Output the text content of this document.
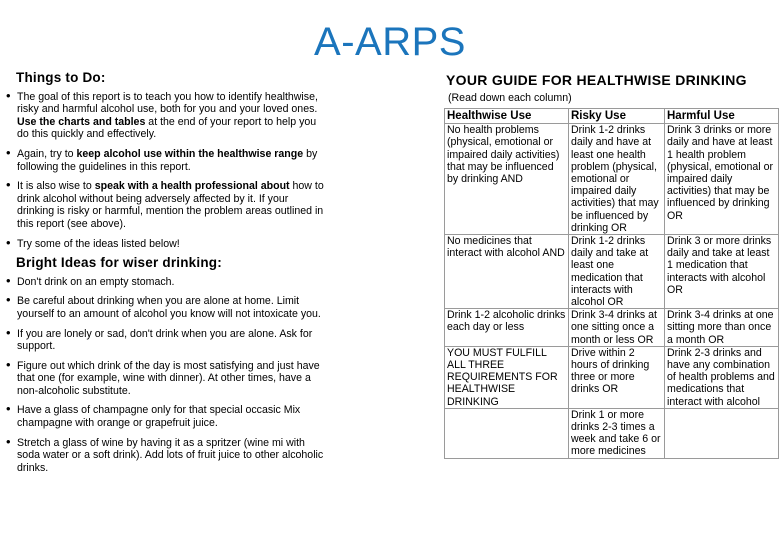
A-ARPS
Things to Do:
• The goal of this report is to teach you how to identify healthwise, risky and harmful alcohol use, both for you and your loved ones. Use the charts and tables at the end of your report to help you do this quickly and effectively.
• Again, try to keep alcohol use within the healthwise range by following the guidelines in this report.
• It is also wise to speak with a health professional about how to drink alcohol without being adversely affected by it. If your drinking is risky or harmful, mention the problem areas outlined in this report (see above).
• Try some of the ideas listed below!
Bright Ideas for wiser drinking:
• Don't drink on an empty stomach.
• Be careful about drinking when you are alone at home. Limit yourself to an amount of alcohol you know will not intoxicate you.
• If you are lonely or sad, don't drink when you are alone. Ask for support.
• Figure out which drink of the day is most satisfying and just have that one (for example, wine with dinner). At other times, have a non-alcoholic substitute.
• Have a glass of champagne only for that special occasic Mix champagne with orange or grapefruit juice.
• Stretch a glass of wine by having it as a spritzer (wine mi with soda water or a soft drink). Add lots of fruit juice to other alcoholic drinks.
YOUR GUIDE FOR HEALTHWISE DRINKING
(Read down each column)
Healthwise Use	Risky Use	Harmful Use
No health problems (physical, emotional or impaired daily activities) that may be influenced by drinking AND	Drink 1-2 drinks daily and have at least one health problem (physical, emotional or impaired daily activities) that may be influenced by drinking OR	Drink 3 drinks or more daily and have at least 1 health problem (physical, emotional or impaired daily activities) that may be influenced by drinking OR
No medicines that interact with alcohol AND	Drink 1-2 drinks daily and take at least one medication that interacts with alcohol OR	Drink 3 or more drinks daily and take at least 1 medication that interacts with alcohol OR
Drink 1-2 alcoholic drinks each day or less	Drink 3-4 drinks at one sitting once a month or less OR	Drink 3-4 drinks at one sitting more than once a month OR
YOU MUST FULFILL ALL THREE REQUIREMENTS FOR HEALTHWISE DRINKING	Drive within 2 hours of drinking three or more drinks OR	Drink 2-3 drinks and have any combination of health problems and medications that interact with alcohol
	Drink 1 or more drinks 2-3 times a week and take 6 or more medicines	
